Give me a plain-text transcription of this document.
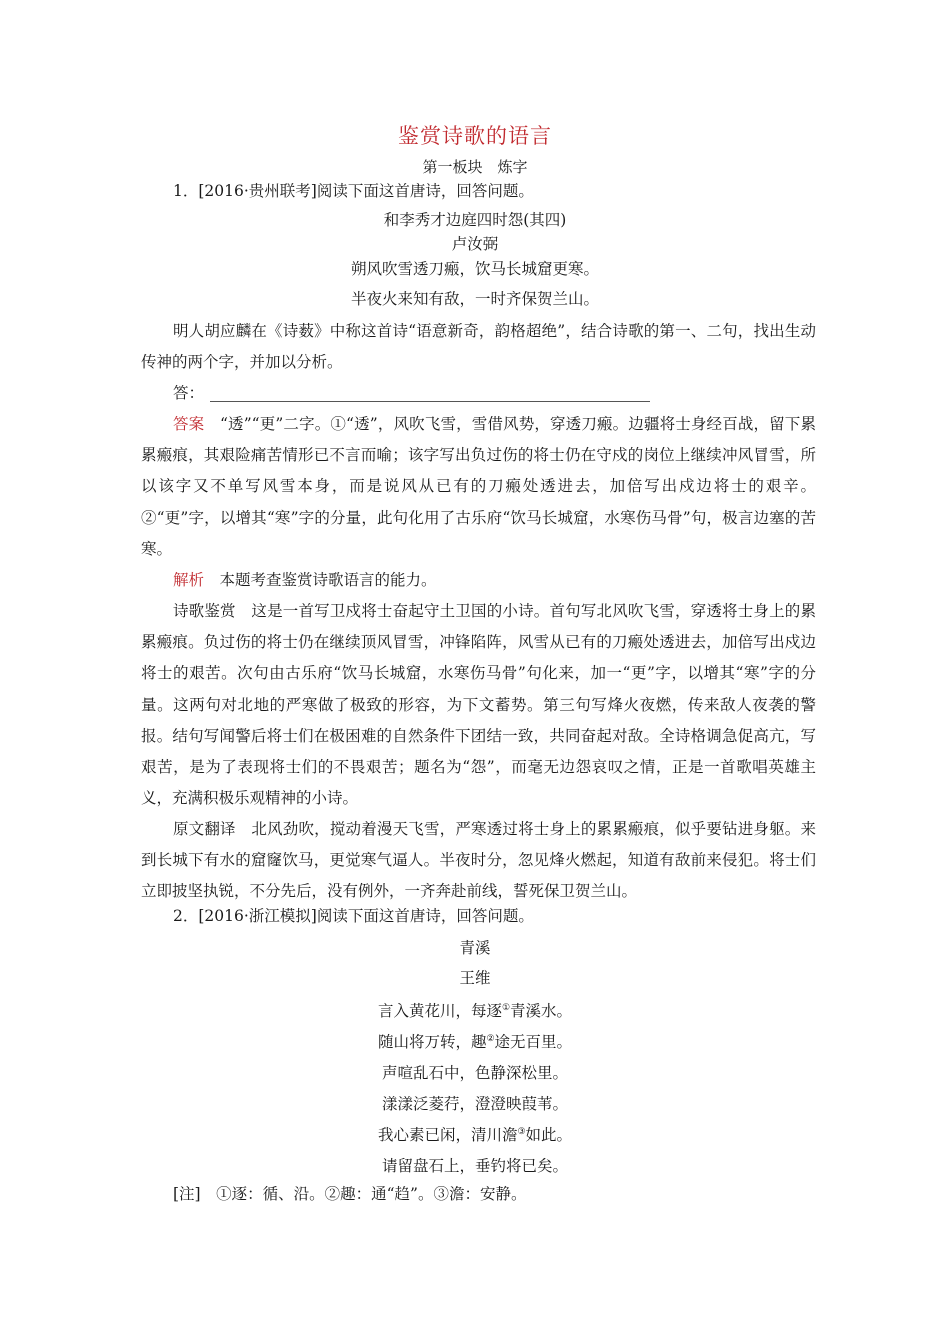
鉴赏诗歌的语言
第一板块　炼字
1．[2016·贵州联考]阅读下面这首唐诗，回答问题。
和李秀才边庭四时怨(其四)
卢汝弼
朔风吹雪透刀瘢，饮马长城窟更寒。
半夜火来知有敌，一时齐保贺兰山。
明人胡应麟在《诗薮》中称这首诗“语意新奇，韵格超绝”，结合诗歌的第一、二句，找出生动传神的两个字，并加以分析。
答：
答案　 “透”“更”二字。①“透”，风吹飞雪，雪借风势，穿透刀瘢。边疆将士身经百战，留下累累瘢痕，其艰险痛苦情形已不言而喻；该字写出负过伤的将士仍在守戍的岗位上继续冲风冒雪，所以该字又不单写风雪本身，而是说风从已有的刀瘢处透进去，加倍写出戍边将士的艰辛。②“更”字，以增其“寒”字的分量，此句化用了古乐府“饮马长城窟，水寒伤马骨”句，极言边塞的苦寒。
解析　 本题考查鉴赏诗歌语言的能力。
诗歌鉴赏　这是一首写卫戍将士奋起守土卫国的小诗。首句写北风吹飞雪，穿透将士身上的累累瘢痕。负过伤的将士仍在继续顶风冒雪，冲锋陷阵，风雪从已有的刀瘢处透进去，加倍写出戍边将士的艰苦。次句由古乐府“饮马长城窟，水寒伤马骨”句化来，加一“更”字，以增其“寒”字的分量。这两句对北地的严寒做了极致的形容，为下文蓄势。第三句写烽火夜燃，传来敌人夜袭的警报。结句写闻警后将士们在极困难的自然条件下团结一致，共同奋起对敌。全诗格调急促高亢，写艰苦，是为了表现将士们的不畏艰苦；题名为“怨”，而毫无边怨哀叹之情，正是一首歌唱英雄主义，充满积极乐观精神的小诗。
原文翻译　北风劲吹，搅动着漫天飞雪，严寒透过将士身上的累累瘢痕，似乎要钻进身躯。来到长城下有水的窟窿饮马，更觉寒气逼人。半夜时分，忽见烽火燃起，知道有敌前来侵犯。将士们立即披坚执锐，不分先后，没有例外，一齐奔赴前线，誓死保卫贺兰山。
2．[2016·浙江模拟]阅读下面这首唐诗，回答问题。
青溪
王维
言入黄花川，每逐①青溪水。
随山将万转，趣②途无百里。
声喧乱石中，色静深松里。
漾漾泛菱荇，澄澄映葭苇。
我心素已闲，清川澹③如此。
请留盘石上，垂钓将已矣。
[注]　①逐：循、沿。②趣：通“趋”。③澹：安静。
